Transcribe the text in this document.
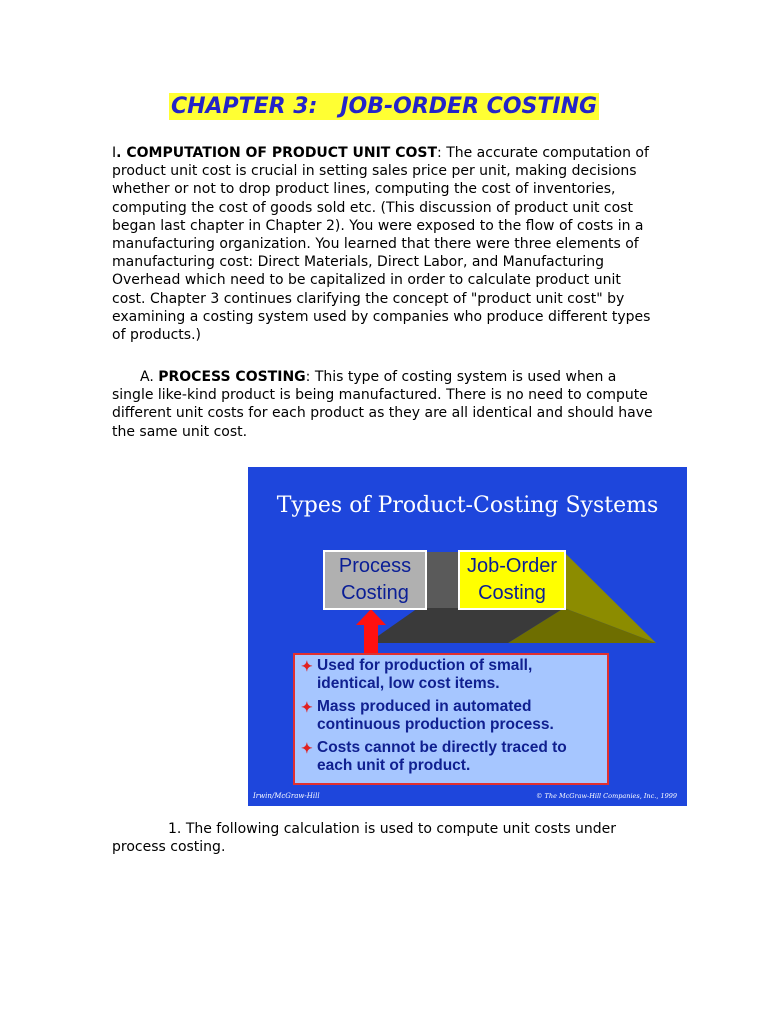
CHAPTER 3:   JOB-ORDER COSTING

I. COMPUTATION OF PRODUCT UNIT COST: The accurate computation of product unit cost is crucial in setting sales price per unit, making decisions whether or not to drop product lines, computing the cost of inventories, computing the cost of goods sold etc. (This discussion of product unit cost began last chapter in Chapter 2). You were exposed to the flow of costs in a manufacturing organization. You learned that there were three elements of manufacturing cost: Direct Materials, Direct Labor, and Manufacturing Overhead which need to be capitalized in order to calculate product unit cost. Chapter 3 continues clarifying the concept of "product unit cost" by examining a costing system used by companies who produce different types of products.)

A. PROCESS COSTING: This type of costing system is used when a single like-kind product is being manufactured. There is no need to compute different unit costs for each product as they are all identical and should have the same unit cost.

Types of Product-Costing Systems
Process
Costing
Job-Order
Costing
✦ Used for production of small, identical, low cost items.
✦ Mass produced in automated continuous production process.
✦ Costs cannot be directly traced to each unit of product.
Irwin/McGraw-Hill	© The McGraw-Hill Companies, Inc., 1999

1. The following calculation is used to compute unit costs under process costing.
